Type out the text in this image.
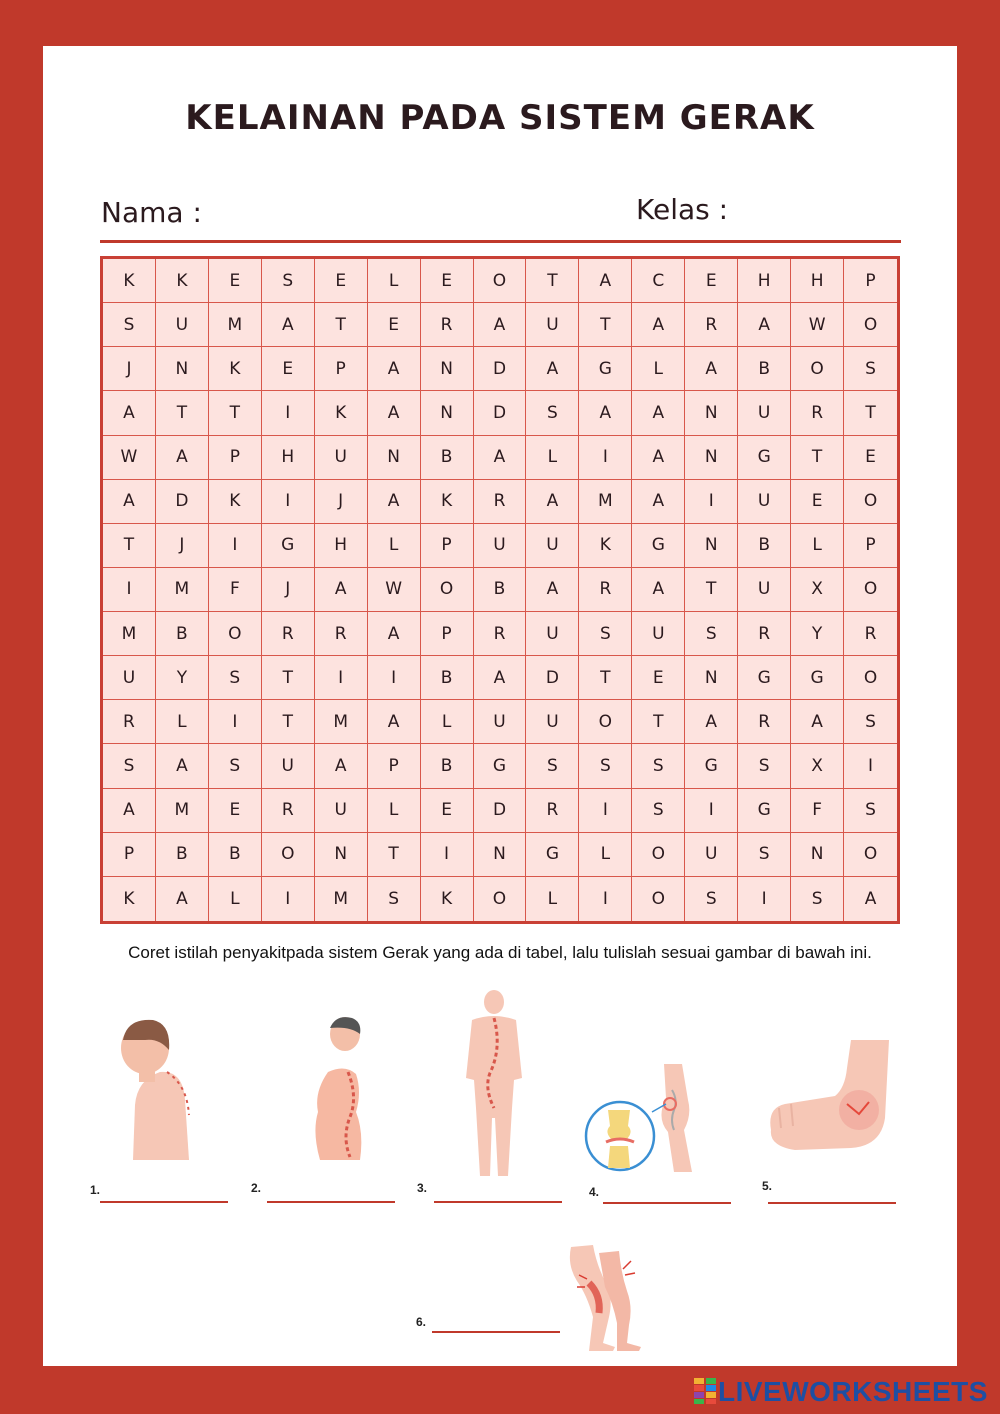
KELAINAN PADA SISTEM GERAK
Nama :	Kelas :
K	K	E	S	E	L	E	O	T	A	C	E	H	H	P
S	U	M	A	T	E	R	A	U	T	A	R	A	W	O
J	N	K	E	P	A	N	D	A	G	L	A	B	O	S
A	T	T	I	K	A	N	D	S	A	A	N	U	R	T
W	A	P	H	U	N	B	A	L	I	A	N	G	T	E
A	D	K	I	J	A	K	R	A	M	A	I	U	E	O
T	J	I	G	H	L	P	U	U	K	G	N	B	L	P
I	M	F	J	A	W	O	B	A	R	A	T	U	X	O
M	B	O	R	R	A	P	R	U	S	U	S	R	Y	R
U	Y	S	T	I	I	B	A	D	T	E	N	G	G	O
R	L	I	T	M	A	L	U	U	O	T	A	R	A	S
S	A	S	U	A	P	B	G	S	S	S	G	S	X	I
A	M	E	R	U	L	E	D	R	I	S	I	G	F	S
P	B	B	O	N	T	I	N	G	L	O	U	S	N	O
K	A	L	I	M	S	K	O	L	I	O	S	I	S	A
Coret istilah penyakitpada sistem Gerak yang ada di tabel, lalu tulislah sesuai gambar di bawah ini.
1.	2.	3.	4.	5.
6.
LIVEWORKSHEETS
